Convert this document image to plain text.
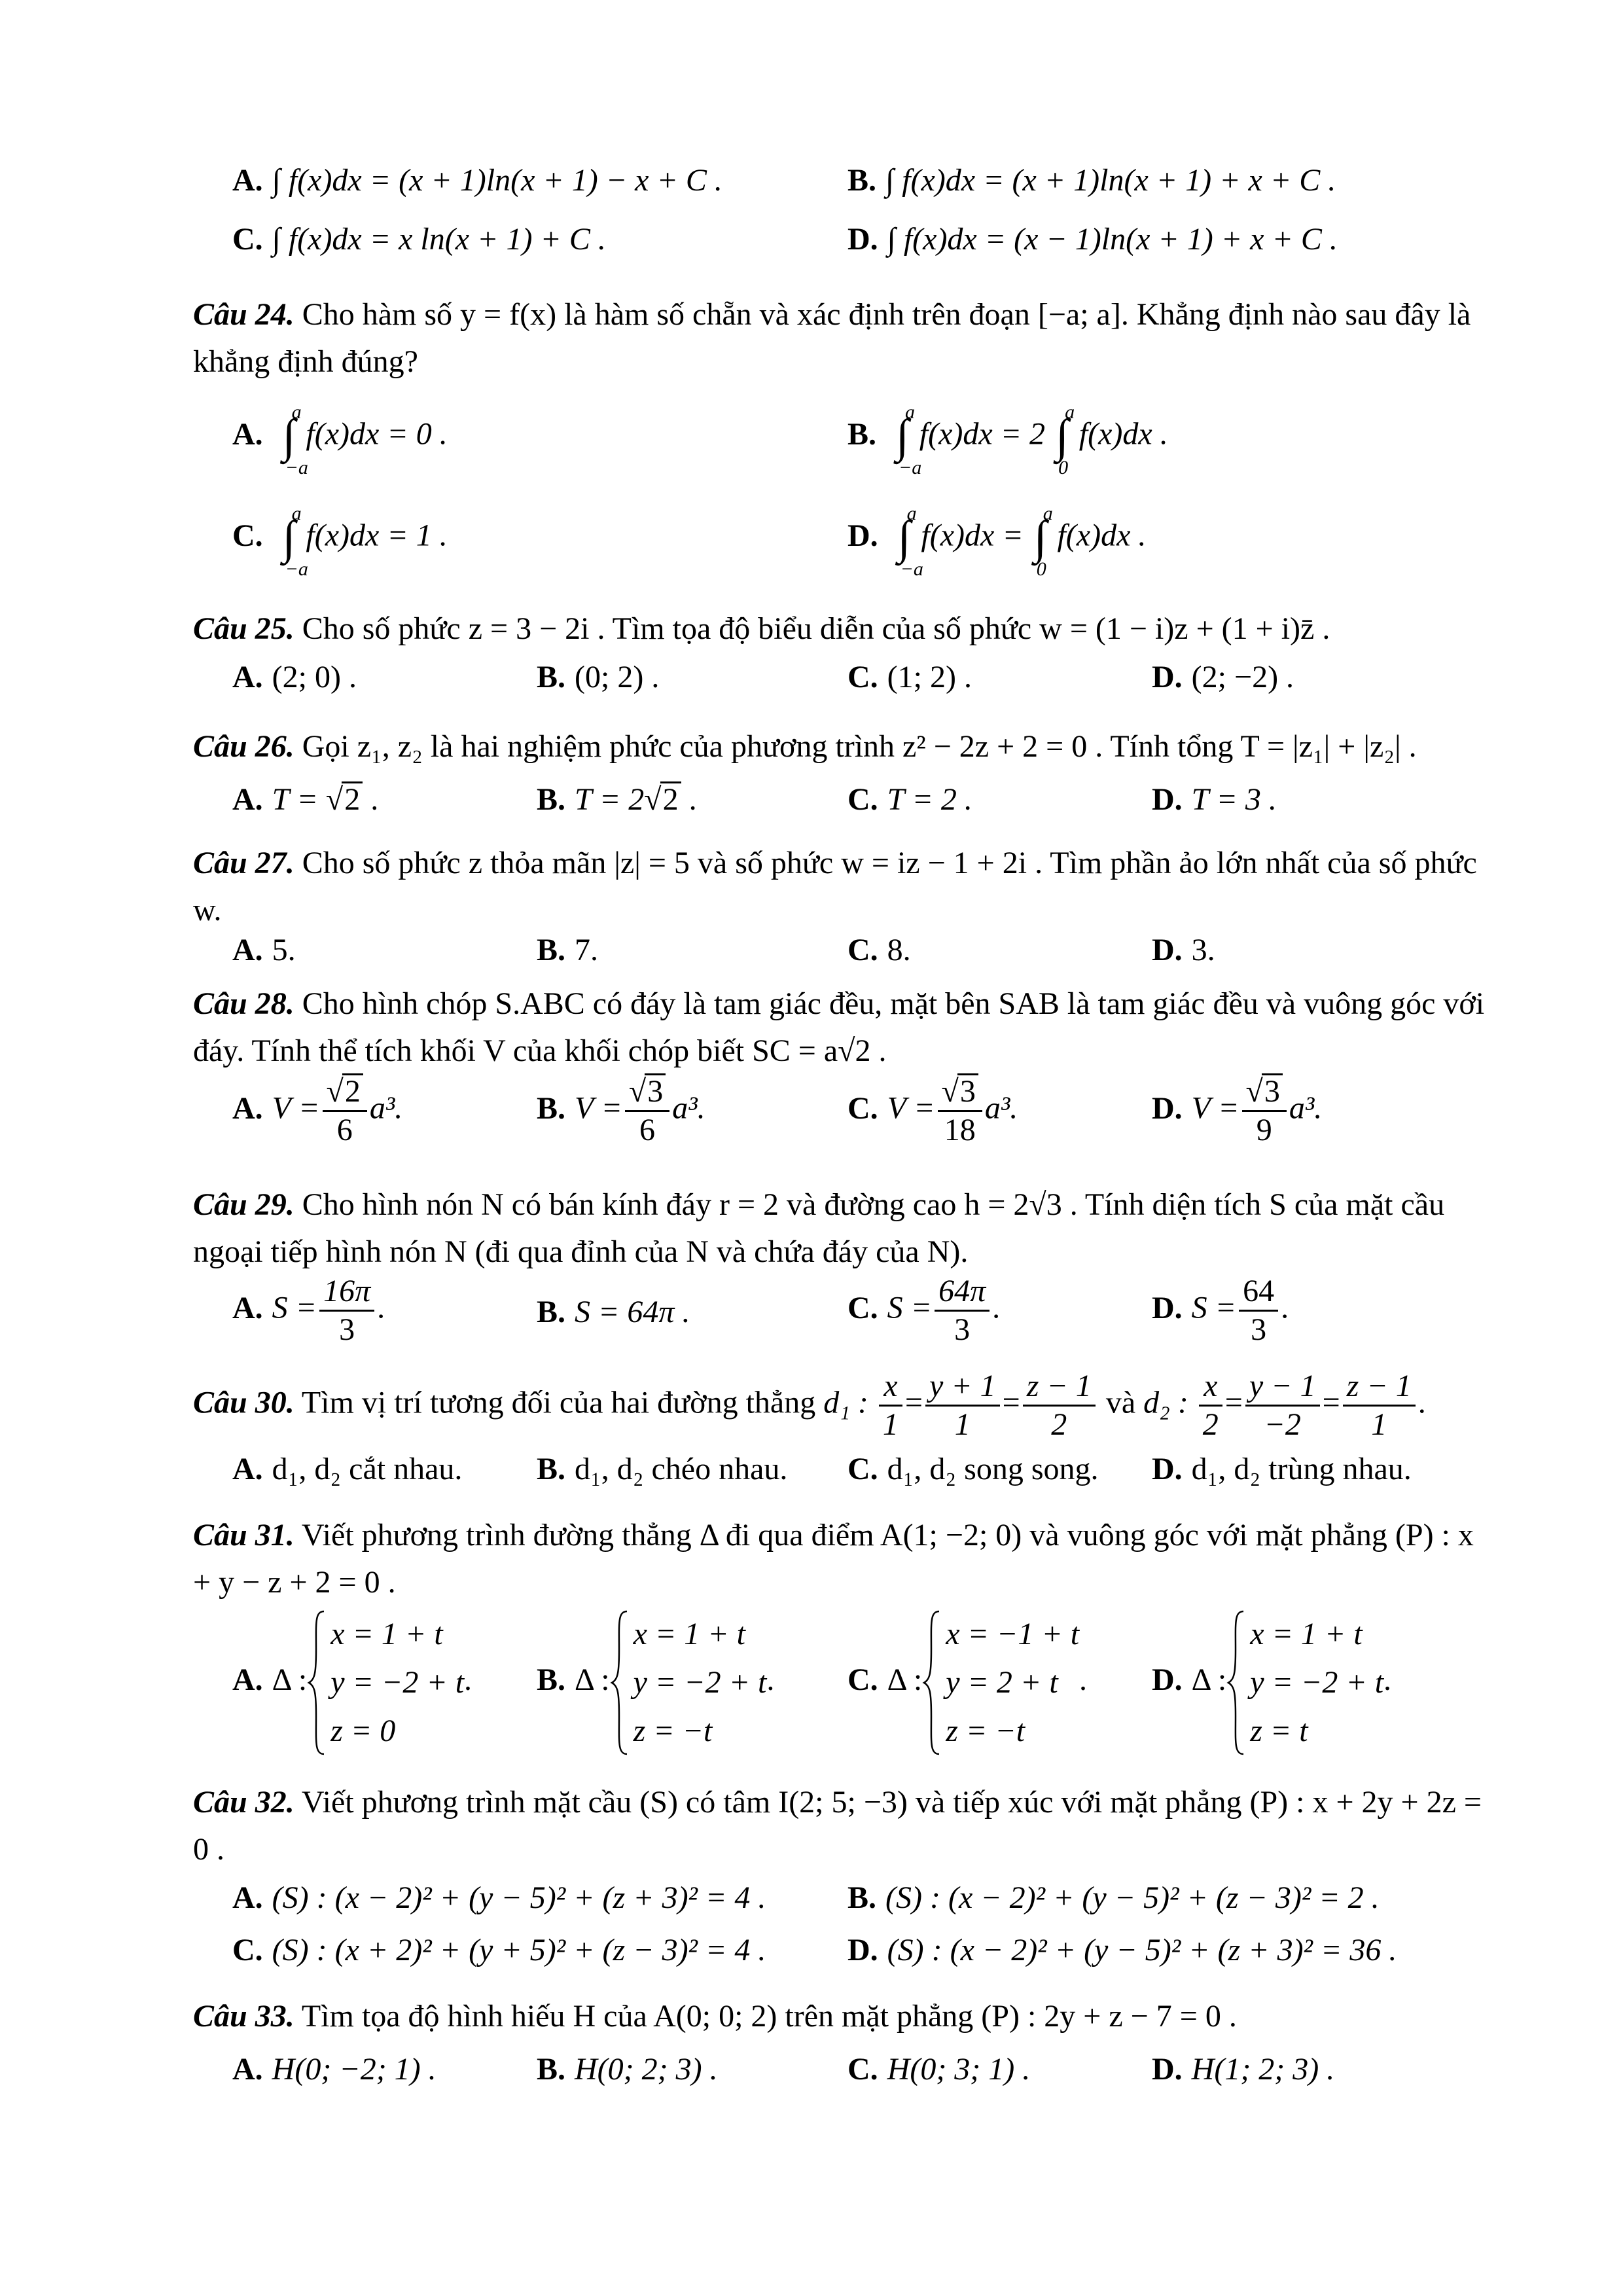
A. ∫ f(x)dx = (x + 1)ln(x + 1) − x + C .	B. ∫ f(x)dx = (x + 1)ln(x + 1) + x + C .
C. ∫ f(x)dx = x ln(x + 1) + C .	D. ∫ f(x)dx = (x − 1)ln(x + 1) + x + C .
Câu 24. Cho hàm số y = f(x) là hàm số chẵn và xác định trên đoạn [−a; a]. Khẳng định nào sau đây là khẳng định đúng?
A.
a
∫
−a
f(x)dx = 0 .	B.
a
∫
−a
f(x)dx = 2
a
∫
0
f(x)dx .
C.
a
∫
−a
f(x)dx = 1 .	D.
a
∫
−a
f(x)dx =
a
∫
0
f(x)dx .
Câu 25. Cho số phức z = 3 − 2i . Tìm tọa độ biểu diễn của số phức w = (1 − i)z + (1 + i)z̄ .
A. (2; 0) .	B. (0; 2) .	C. (1; 2) .	D. (2; −2) .
Câu 26. Gọi z₁, z₂ là hai nghiệm phức của phương trình z² − 2z + 2 = 0 . Tính tổng T = |z₁| + |z₂| .
A. T = √2 .	B. T = 2√2 .	C. T = 2 .	D. T = 3 .
Câu 27. Cho số phức z thỏa mãn |z| = 5 và số phức w = iz − 1 + 2i . Tìm phần ảo lớn nhất của số phức w.
A. 5.	B. 7.	C. 8.	D. 3.
Câu 28. Cho hình chóp S.ABC có đáy là tam giác đều, mặt bên SAB là tam giác đều và vuông góc với đáy. Tính thể tích khối V của khối chóp biết SC = a√2 .
A. $V = \frac{√2}{6} a^3$.	B. $V = \frac{√3}{6} a^3$.	C. $V = \frac{√3}{18} a^3$.	D. $V = \frac{√3}{9} a^3$.
Câu 29. Cho hình nón N có bán kính đáy r = 2 và đường cao h = 2√3 . Tính diện tích S của mặt cầu ngoại tiếp hình nón N (đi qua đỉnh của N và chứa đáy của N).
A. $S = \frac{16\pi}{3}$ .	B. S = 64π .	C. $S = \frac{64\pi}{3}$ .	D. $S = \frac{64}{3}$ .
Câu 30. Tìm vị trí tương đối của hai đường thẳng d₁ : $\frac{x}{1} = \frac{y + 1}{1} = \frac{z - 1}{2}$ và d₂ : $\frac{x}{2} = \frac{y - 1}{-2} = \frac{z - 1}{1}$ .
A. d₁, d₂ cắt nhau. B. d₁, d₂ chéo nhau. C. d₁, d₂ song song. D. d₁, d₂ trùng nhau.
Câu 31. Viết phương trình đường thẳng Δ đi qua điểm A(1; −2; 0) và vuông góc với mặt phẳng (P) : x + y − z + 2 = 0 .
A. Δ :
x = 1 + t
y = −2 + t
z = 0
. B. Δ :
x = 1 + t
y = −2 + t
z = −t
. C. Δ :
x = −1 + t
y = 2 + t
z = −t
. D. Δ :
x = 1 + t
y = −2 + t
z = t
.
Câu 32. Viết phương trình mặt cầu (S) có tâm I(2; 5; −3) và tiếp xúc với mặt phẳng (P) : x + 2y + 2z = 0 .
A. (S) : (x − 2)² + (y − 5)² + (z + 3)² = 4 .	B. (S) : (x − 2)² + (y − 5)² + (z − 3)² = 2 .
C. (S) : (x + 2)² + (y + 5)² + (z − 3)² = 4 .	D. (S) : (x − 2)² + (y − 5)² + (z + 3)² = 36 .
Câu 33. Tìm tọa độ hình hiếu H của A(0; 0; 2) trên mặt phẳng (P) : 2y + z − 7 = 0 .
A. H(0; −2; 1) .	B. H(0; 2; 3) .	C. H(0; 3; 1) .	D. H(1; 2; 3) .
